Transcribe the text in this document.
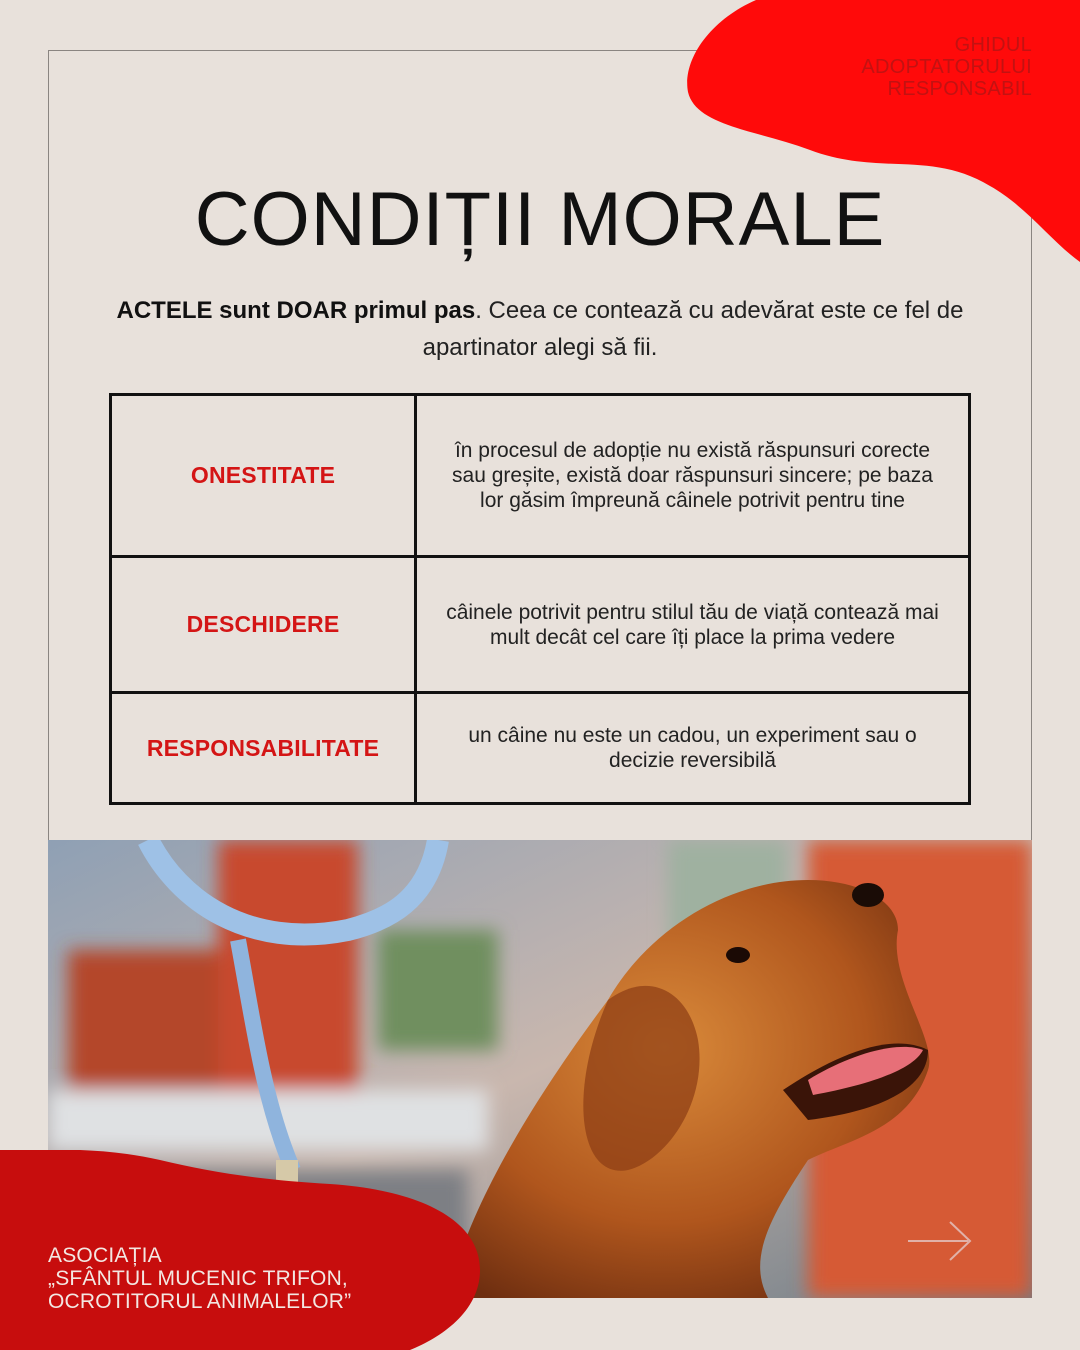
GHIDUL
ADOPTATORULUI
RESPONSABIL
CONDIȚII MORALE
ACTELE sunt DOAR primul pas. Ceea ce contează cu adevărat este ce fel de apartinator alegi să fii.
ONESTITATE	în procesul de adopție nu există răspunsuri corecte sau greșite, există doar răspunsuri sincere; pe baza lor găsim împreună câinele potrivit pentru tine
DESCHIDERE	câinele potrivit pentru stilul tău de viață contează mai mult decât cel care îți place la prima vedere
RESPONSABILITATE	un câine nu este un cadou, un experiment sau o decizie reversibilă
ASOCIAȚIA
„SFÂNTUL MUCENIC TRIFON,
OCROTITORUL ANIMALELOR”
